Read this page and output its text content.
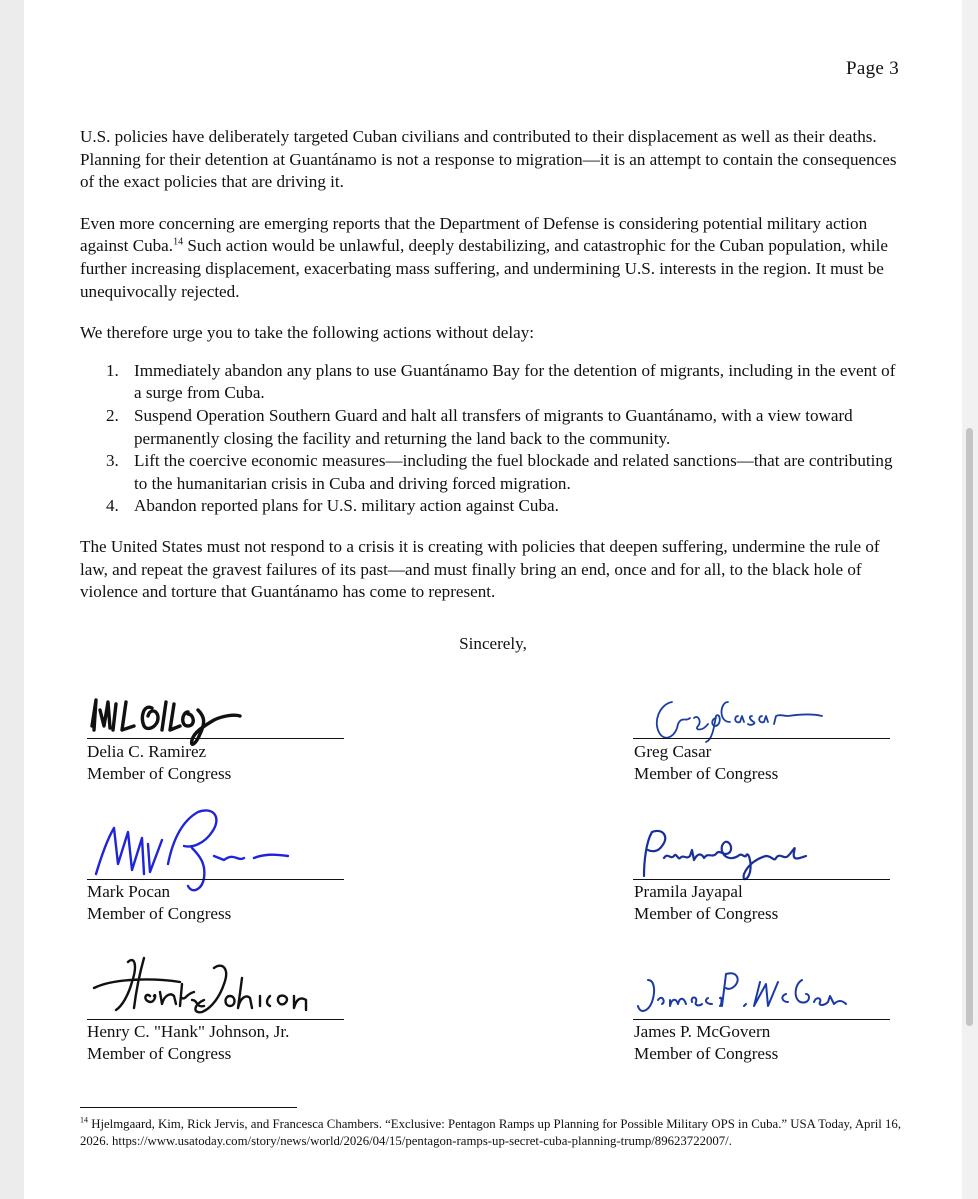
Page 3

U.S. policies have deliberately targeted Cuban civilians and contributed to their displacement as well as their deaths. Planning for their detention at Guantánamo is not a response to migration—it is an attempt to contain the consequences of the exact policies that are driving it.

Even more concerning are emerging reports that the Department of Defense is considering potential military action against Cuba.$^{14}$ Such action would be unlawful, deeply destabilizing, and catastrophic for the Cuban population, while further increasing displacement, exacerbating mass suffering, and undermining U.S. interests in the region. It must be unequivocally rejected.

We therefore urge you to take the following actions without delay:

1. Immediately abandon any plans to use Guantánamo Bay for the detention of migrants, including in the event of a surge from Cuba.
2. Suspend Operation Southern Guard and halt all transfers of migrants to Guantánamo, with a view toward permanently closing the facility and returning the land back to the community.
3. Lift the coercive economic measures—including the fuel blockade and related sanctions—that are contributing to the humanitarian crisis in Cuba and driving forced migration.
4. Abandon reported plans for U.S. military action against Cuba.

The United States must not respond to a crisis it is creating with policies that deepen suffering, undermine the rule of law, and repeat the gravest failures of its past—and must finally bring an end, once and for all, to the black hole of violence and torture that Guantánamo has come to represent.

Sincerely,
Delia C. Ramirez
Member of Congress
Greg Casar
Member of Congress
Mark Pocan
Member of Congress
Pramila Jayapal
Member of Congress
Henry C. "Hank" Johnson, Jr.
Member of Congress
James P. McGovern
Member of Congress
$^{14}$ Hjelmgaard, Kim, Rick Jervis, and Francesca Chambers. “Exclusive: Pentagon Ramps up Planning for Possible Military OPS in Cuba.” USA Today, April 16, 2026. https://www.usatoday.com/story/news/world/2026/04/15/pentagon-ramps-up-secret-cuba-planning-trump/89623722007/.
